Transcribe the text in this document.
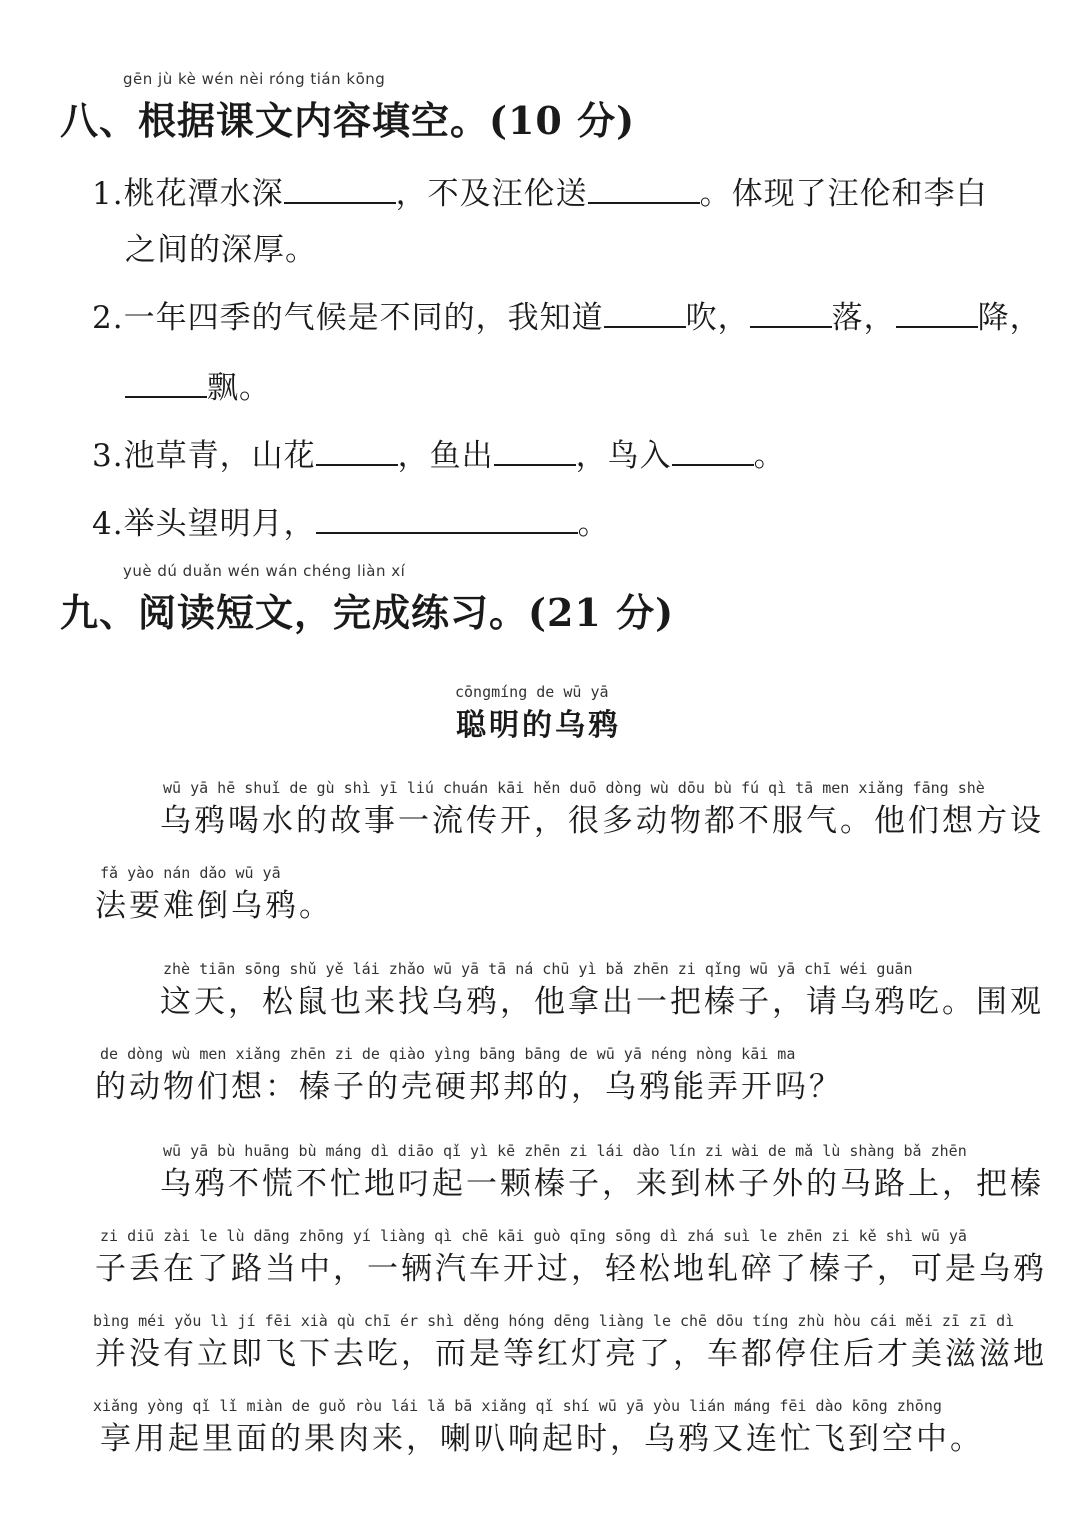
gēn jù kè wén nèi róng tián kōng
八、根据课文内容填空。(10 分)
1.桃花潭水深	，不及汪伦送	。体现了汪伦和李白
之间的深厚。
2.一年四季的气候是不同的，我知道	吹，	落，	降，
飘。
3.池草青，山花	，鱼出	，鸟入	。
4.举头望明月，	。
yuè dú duǎn wén wán chéng liàn xí
九、阅读短文，完成练习。(21 分)
cōngmíng de wū yā
聪明的乌鸦
wū yā hē shuǐ de gù shì yī liú chuán kāi hěn duō dòng wù dōu bù fú qì tā men xiǎng fāng shè
乌鸦喝水的故事一流传开，很多动物都不服气。他们想方设
fǎ yào nán dǎo wū yā
法要难倒乌鸦。
zhè tiān sōng shǔ yě lái zhǎo wū yā tā ná chū yì bǎ zhēn zi qǐng wū yā chī wéi guān
这天，松鼠也来找乌鸦，他拿出一把榛子，请乌鸦吃。围观
de dòng wù men xiǎng zhēn zi de qiào yìng bāng bāng de wū yā néng nòng kāi ma
的动物们想：榛子的壳硬邦邦的，乌鸦能弄开吗？
wū yā bù huāng bù máng dì diāo qǐ yì kē zhēn zi lái dào lín zi wài de mǎ lù shàng bǎ zhēn
乌鸦不慌不忙地叼起一颗榛子，来到林子外的马路上，把榛
zi diū zài le lù dāng zhōng yí liàng qì chē kāi guò qīng sōng dì zhá suì le zhēn zi kě shì wū yā
子丢在了路当中，一辆汽车开过，轻松地轧碎了榛子，可是乌鸦
bìng méi yǒu lì jí fēi xià qù chī ér shì děng hóng dēng liàng le chē dōu tíng zhù hòu cái měi zī zī dì
并没有立即飞下去吃，而是等红灯亮了，车都停住后才美滋滋地
xiǎng yòng qǐ lǐ miàn de guǒ ròu lái lǎ bā xiǎng qǐ shí wū yā yòu lián máng fēi dào kōng zhōng
享用起里面的果肉来，喇叭响起时，乌鸦又连忙飞到空中。
